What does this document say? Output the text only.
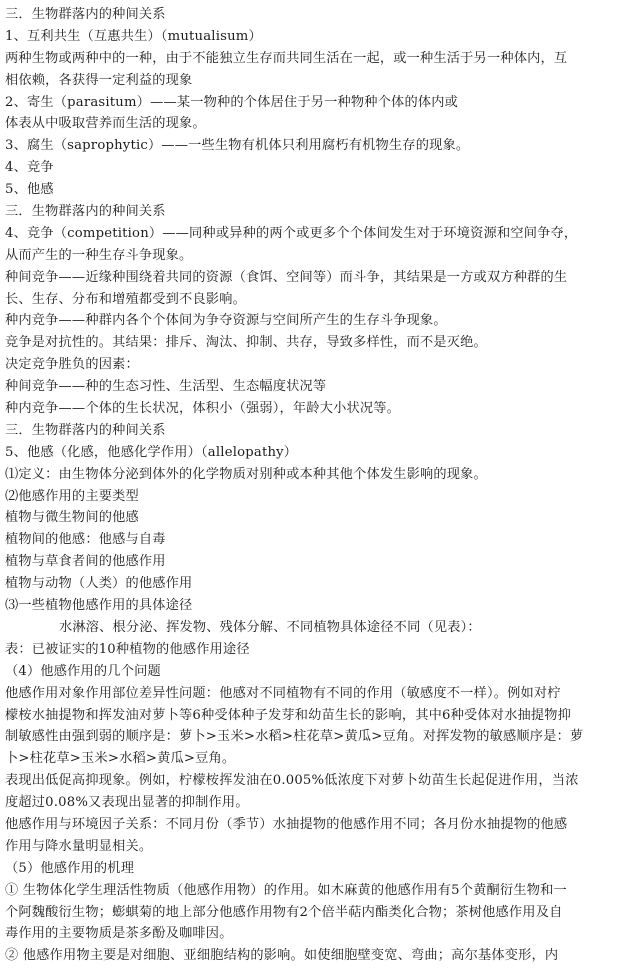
三．生物群落内的种间关系
1、互利共生（互惠共生）（mutualisum）
两种生物或两种中的一种，由于不能独立生存而共同生活在一起，或一种生活于另一种体内，互
相依赖，各获得一定利益的现象
2、寄生（parasitum）——某一物种的个体居住于另一种物种个体的体内或
体表从中吸取营养而生活的现象。
3、腐生（saprophytic）——一些生物有机体只利用腐朽有机物生存的现象。
4、竞争
5、他感
三．生物群落内的种间关系
4、竞争（competition）——同种或异种的两个或更多个个体间发生对于环境资源和空间争夺，
从而产生的一种生存斗争现象。
种间竞争——近缘种围绕着共同的资源（食饵、空间等）而斗争，其结果是一方或双方种群的生
长、生存、分布和增殖都受到不良影响。
种内竞争——种群内各个个体间为争夺资源与空间所产生的生存斗争现象。
竞争是对抗性的。其结果：排斥、淘汰、抑制、共存，导致多样性，而不是灭绝。
决定竞争胜负的因素：
种间竞争——种的生态习性、生活型、生态幅度状况等
种内竞争——个体的生长状况，体积小（强弱），年龄大小状况等。
三．生物群落内的种间关系
5、他感（化感，他感化学作用）（allelopathy）
⑴定义：由生物体分泌到体外的化学物质对别种或本种其他个体发生影响的现象。
⑵他感作用的主要类型
植物与微生物间的他感
植物间的他感：他感与自毒
植物与草食者间的他感作用
植物与动物（人类）的他感作用
⑶一些植物他感作用的具体途径
水淋溶、根分泌、挥发物、残体分解、不同植物具体途径不同（见表）：
表：已被证实的10种植物的他感作用途径
（4）他感作用的几个问题
他感作用对象作用部位差异性问题：他感对不同植物有不同的作用（敏感度不一样）。例如对柠
檬桉水抽提物和挥发油对萝卜等6种受体种子发芽和幼苗生长的影响，其中6种受体对水抽提物抑
制敏感性由强到弱的顺序是：萝卜>玉米>水稻>柱花草>黄瓜>豆角。对挥发物的敏感顺序是：萝
卜>柱花草>玉米>水稻>黄瓜>豆角。
表现出低促高抑现象。例如，柠檬桉挥发油在0.005%低浓度下对萝卜幼苗生长起促进作用，当浓
度超过0.08%又表现出显著的抑制作用。
他感作用与环境因子关系：不同月份（季节）水抽提物的他感作用不同；各月份水抽提物的他感
作用与降水量明显相关。
（5）他感作用的机理
① 生物体化学生理活性物质（他感作用物）的作用。如木麻黄的他感作用有5个黄酮衍生物和一
个阿魏酸衍生物；蟛蜞菊的地上部分他感作用物有2个倍半萜内酯类化合物；茶树他感作用及自
毒作用的主要物质是茶多酚及咖啡因。
② 他感作用物主要是对细胞、亚细胞结构的影响。如使细胞壁变宽、弯曲；高尔基体变形，内
